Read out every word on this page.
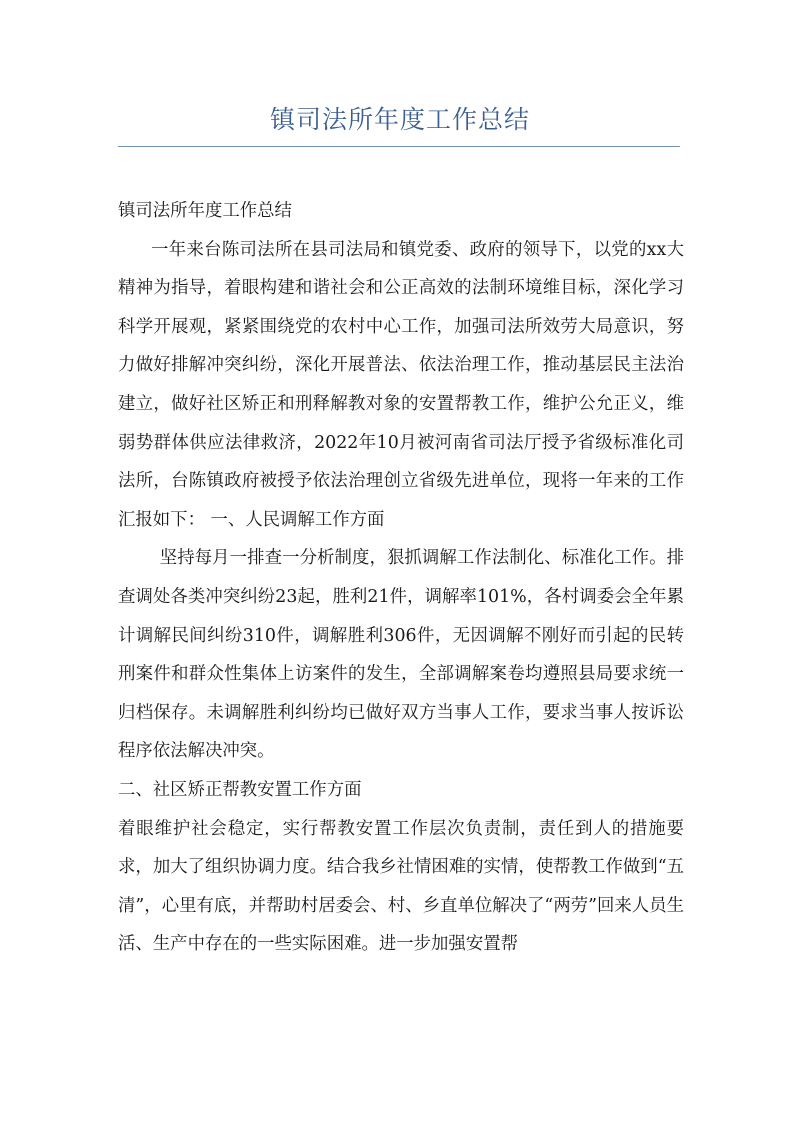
镇司法所年度工作总结

镇司法所年度工作总结

一年来台陈司法所在县司法局和镇党委、政府的领导下，以党的xx大精神为指导，着眼构建和谐社会和公正高效的法制环境维目标，深化学习科学开展观，紧紧围绕党的农村中心工作，加强司法所效劳大局意识，努力做好排解冲突纠纷，深化开展普法、依法治理工作，推动基层民主法治建立，做好社区矫正和刑释解教对象的安置帮教工作，维护公允正义，维弱势群体供应法律救济，2022年10月被河南省司法厅授予省级标准化司法所，台陈镇政府被授予依法治理创立省级先进单位，现将一年来的工作汇报如下： 一、人民调解工作方面

坚持每月一排查一分析制度，狠抓调解工作法制化、标准化工作。排查调处各类冲突纠纷23起，胜利21件，调解率101%，各村调委会全年累计调解民间纠纷310件，调解胜利306件，无因调解不刚好而引起的民转刑案件和群众性集体上访案件的发生，全部调解案卷均遵照县局要求统一归档保存。未调解胜利纠纷均已做好双方当事人工作，要求当事人按诉讼程序依法解决冲突。

二、社区矫正帮教安置工作方面

着眼维护社会稳定，实行帮教安置工作层次负责制，责任到人的措施要求，加大了组织协调力度。结合我乡社情困难的实情，使帮教工作做到“五清”，心里有底，并帮助村居委会、村、乡直单位解决了“两劳”回来人员生活、生产中存在的一些实际困难。进一步加强安置帮
